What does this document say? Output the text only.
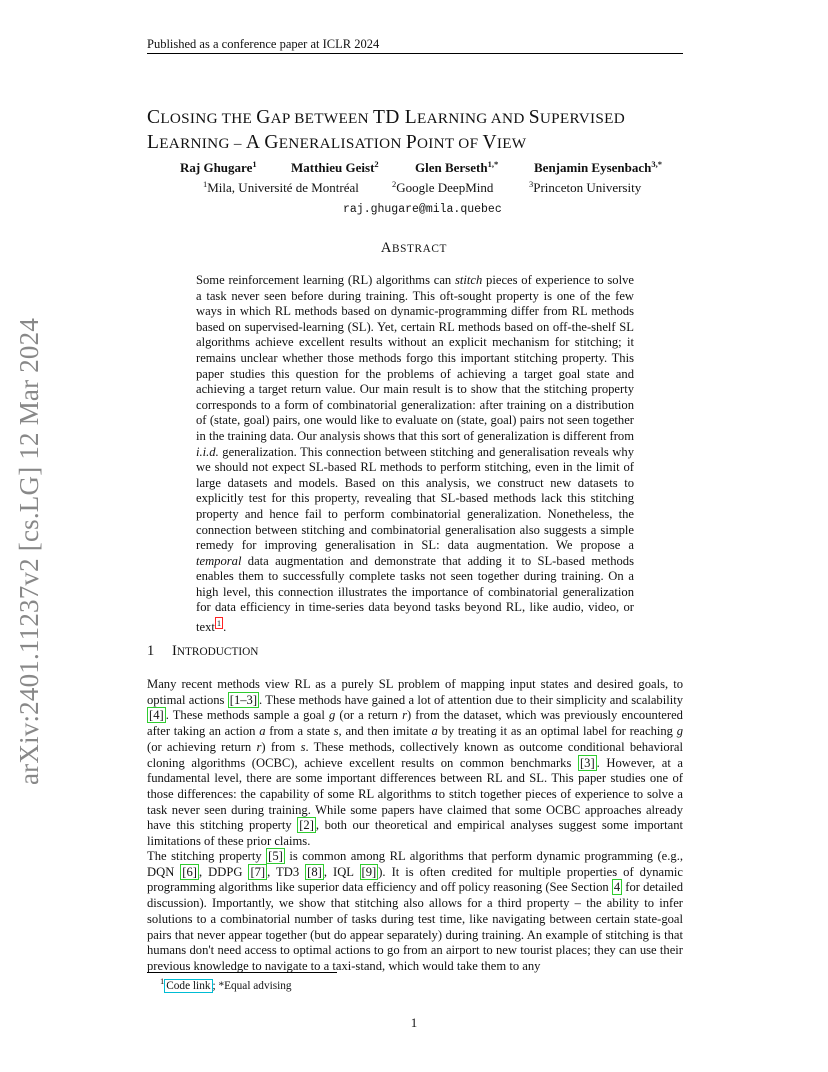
Published as a conference paper at ICLR 2024
arXiv:2401.11237v2 [cs.LG] 12 Mar 2024
CLOSING THE GAP BETWEEN TD LEARNING AND SUPERVISED
LEARNING – A GENERALISATION POINT OF VIEW
Raj Ghugare$^1$	Matthieu Geist$^2$	Glen Berseth$^{1,*}$	Benjamin Eysenbach$^{3,*}$
$^1$Mila, Université de Montréal	$^2$Google DeepMind	$^3$Princeton University
raj.ghugare@mila.quebec
ABSTRACT

Some reinforcement learning (RL) algorithms can stitch pieces of experience to solve a task never seen before during training. This oft-sought property is one of the few ways in which RL methods based on dynamic-programming differ from RL methods based on supervised-learning (SL). Yet, certain RL methods based on off-the-shelf SL algorithms achieve excellent results without an explicit mechanism for stitching; it remains unclear whether those methods forgo this important stitching property. This paper studies this question for the problems of achieving a target goal state and achieving a target return value. Our main result is to show that the stitching property corresponds to a form of combinatorial generalization: after training on a distribution of (state, goal) pairs, one would like to evaluate on (state, goal) pairs not seen together in the training data. Our analysis shows that this sort of generalization is different from i.i.d. generalization. This connection between stitching and generalisation reveals why we should not expect SL-based RL methods to perform stitching, even in the limit of large datasets and models. Based on this analysis, we construct new datasets to explicitly test for this property, revealing that SL-based methods lack this stitching property and hence fail to perform combinatorial generalization. Nonetheless, the connection between stitching and combinatorial generalisation also suggests a simple remedy for improving generalisation in SL: data augmentation. We propose a temporal data augmentation and demonstrate that adding it to SL-based methods enables them to successfully complete tasks not seen together during training. On a high level, this connection illustrates the importance of combinatorial generalization for data efficiency in time-series data beyond tasks beyond RL, like audio, video, or text $^1$ .

1 INTRODUCTION

Many recent methods view RL as a purely SL problem of mapping input states and desired goals, to optimal actions [1–3] . These methods have gained a lot of attention due to their simplicity and scalability [4] . These methods sample a goal g (or a return r) from the dataset, which was previously encountered after taking an action a from a state s, and then imitate a by treating it as an optimal label for reaching g (or achieving return r) from s. These methods, collectively known as outcome conditional behavioral cloning algorithms (OCBC), achieve excellent results on common benchmarks [3] . However, at a fundamental level, there are some important differences between RL and SL. This paper studies one of those differences: the capability of some RL algorithms to stitch together pieces of experience to solve a task never seen during training. While some papers have claimed that some OCBC approaches already have this stitching property [2] , both our theoretical and empirical analyses suggest some important limitations of these prior claims.

The stitching property [5] is common among RL algorithms that perform dynamic programming (e.g., DQN [6] , DDPG [7] , TD3 [8] , IQL [9] ). It is often credited for multiple properties of dynamic programming algorithms like superior data efficiency and off policy reasoning (See Section 4 for detailed discussion). Importantly, we show that stitching also allows for a third property – the ability to infer solutions to a combinatorial number of tasks during test time, like navigating between certain state-goal pairs that never appear together (but do appear separately) during training. An example of stitching is that humans don't need access to optimal actions to go from an airport to new tourist places; they can use their previous knowledge to navigate to a taxi-stand, which would take them to any

$^1$ Code link ; *Equal advising
1
